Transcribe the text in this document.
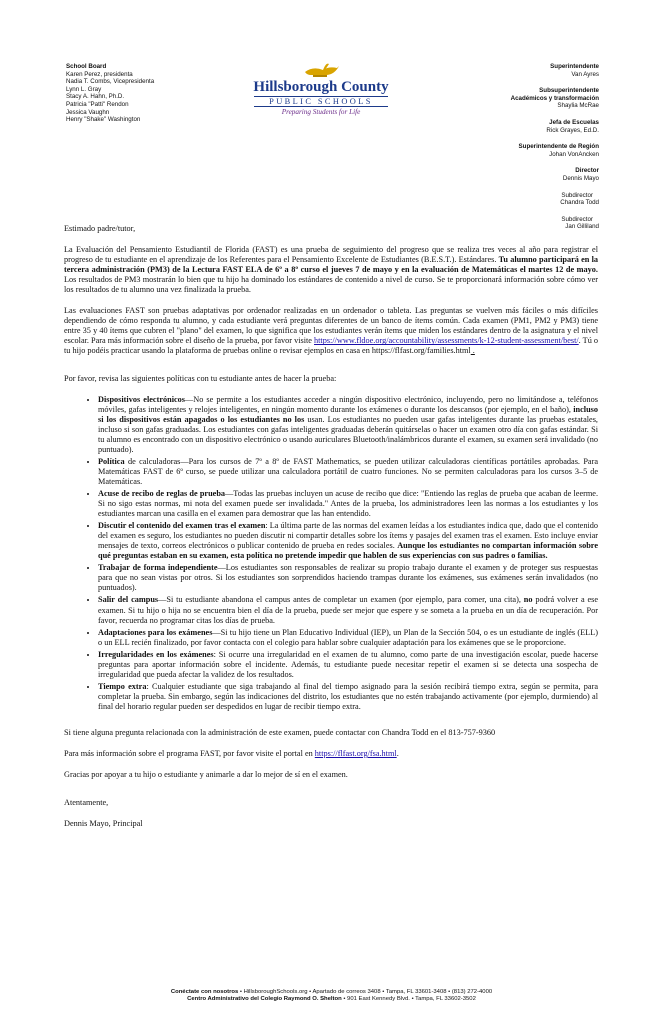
School Board
Karen Perez, presidenta
Nadia T. Combs, Vicepresidenta
Lynn L. Gray
Stacy A. Hahn, Ph.D.
Patricia "Patti" Rendon
Jessica Vaughn
Henry "Shake" Washington
Hillsborough County
PUBLIC SCHOOLS
Preparing Students for Life
Superintendente
Van Ayres
Subsuperintendente
Académicos y transformación
Shaylia McRae
Jefa de Escuelas
Rick Grayes, Ed.D.
Superintendente de Región
Johan VonAncken
Director
Dennis Mayo
Subdirector
Chandra Todd
Subdirector
Jan Gilliland

Estimado padre/tutor,

La Evaluación del Pensamiento Estudiantil de Florida (FAST) es una prueba de seguimiento del progreso que se realiza tres veces al año para registrar el progreso de tu estudiante en el aprendizaje de los Referentes para el Pensamiento Excelente de Estudiantes (B.E.S.T.). Estándares. Tu alumno participará en la tercera administración (PM3) de la Lectura FAST ELA de 6º a 8º curso el jueves 7 de mayo y en la evaluación de Matemáticas el martes 12 de mayo. Los resultados de PM3 mostrarán lo bien que tu hijo ha dominado los estándares de contenido a nivel de curso. Se te proporcionará información sobre cómo ver los resultados de tu alumno una vez finalizada la prueba.

Las evaluaciones FAST son pruebas adaptativas por ordenador realizadas en un ordenador o tableta. Las preguntas se vuelven más fáciles o más difíciles dependiendo de cómo responda tu alumno, y cada estudiante verá preguntas diferentes de un banco de ítems común. Cada examen (PM1, PM2 y PM3) tiene entre 35 y 40 ítems que cubren el "plano" del examen, lo que significa que los estudiantes verán ítems que miden los estándares dentro de la asignatura y el nivel escolar. Para más información sobre el diseño de la prueba, por favor visite https://www.fldoe.org/accountability/assessments/k-12-student-assessment/best/. Tú o tu hijo podéis practicar usando la plataforma de pruebas online o revisar ejemplos en casa en https://flfast.org/families.html .

Por favor, revisa las siguientes políticas con tu estudiante antes de hacer la prueba:

• Dispositivos electrónicos—No se permite a los estudiantes acceder a ningún dispositivo electrónico, incluyendo, pero no limitándose a, teléfonos móviles, gafas inteligentes y relojes inteligentes, en ningún momento durante los exámenes o durante los descansos (por ejemplo, en el baño), incluso si los dispositivos están apagados o los estudiantes no los usan. Los estudiantes no pueden usar gafas inteligentes durante las pruebas estatales, incluso si son gafas graduadas. Los estudiantes con gafas inteligentes graduadas deberán quitárselas o hacer un examen otro día con gafas estándar. Si tu alumno es encontrado con un dispositivo electrónico o usando auriculares Bluetooth/inalámbricos durante el examen, su examen será invalidado (no puntuado).
• Política de calculadoras—Para los cursos de 7º a 8º de FAST Mathematics, se pueden utilizar calculadoras científicas portátiles aprobadas. Para Matemáticas FAST de 6º curso, se puede utilizar una calculadora portátil de cuatro funciones. No se permiten calculadoras para los cursos 3–5 de Matemáticas.
• Acuse de recibo de reglas de prueba—Todas las pruebas incluyen un acuse de recibo que dice: "Entiendo las reglas de prueba que acaban de leerme. Si no sigo estas normas, mi nota del examen puede ser invalidada." Antes de la prueba, los administradores leen las normas a los estudiantes y los estudiantes marcan una casilla en el examen para demostrar que las han entendido.
• Discutir el contenido del examen tras el examen: La última parte de las normas del examen leídas a los estudiantes indica que, dado que el contenido del examen es seguro, los estudiantes no pueden discutir ni compartir detalles sobre los ítems y pasajes del examen tras el examen. Esto incluye enviar mensajes de texto, correos electrónicos o publicar contenido de prueba en redes sociales. Aunque los estudiantes no compartan información sobre qué preguntas estaban en su examen, esta política no pretende impedir que hablen de sus experiencias con sus padres o familias.
• Trabajar de forma independiente—Los estudiantes son responsables de realizar su propio trabajo durante el examen y de proteger sus respuestas para que no sean vistas por otros. Si los estudiantes son sorprendidos haciendo trampas durante los exámenes, sus exámenes serán invalidados (no puntuados).
• Salir del campus—Si tu estudiante abandona el campus antes de completar un examen (por ejemplo, para comer, una cita), no podrá volver a ese examen. Si tu hijo o hija no se encuentra bien el día de la prueba, puede ser mejor que espere y se someta a la prueba en un día de recuperación. Por favor, recuerda no programar citas los días de prueba.
• Adaptaciones para los exámenes—Si tu hijo tiene un Plan Educativo Individual (IEP), un Plan de la Sección 504, o es un estudiante de inglés (ELL) o un ELL recién finalizado, por favor contacta con el colegio para hablar sobre cualquier adaptación para los exámenes que se le proporcione.
• Irregularidades en los exámenes: Si ocurre una irregularidad en el examen de tu alumno, como parte de una investigación escolar, puede hacerse preguntas para aportar información sobre el incidente. Además, tu estudiante puede necesitar repetir el examen si se detecta una sospecha de irregularidad que pueda afectar la validez de los resultados.
• Tiempo extra: Cualquier estudiante que siga trabajando al final del tiempo asignado para la sesión recibirá tiempo extra, según se permita, para completar la prueba. Sin embargo, según las indicaciones del distrito, los estudiantes que no estén trabajando activamente (por ejemplo, durmiendo) al final del horario regular pueden ser despedidos en lugar de recibir tiempo extra.

Si tiene alguna pregunta relacionada con la administración de este examen, puede contactar con Chandra Todd en el 813-757-9360

Para más información sobre el programa FAST, por favor visite el portal en https://flfast.org/fsa.html.

Gracias por apoyar a tu hijo o estudiante y animarle a dar lo mejor de sí en el examen.

Atentamente,

Dennis Mayo, Principal

Conéctate con nosotros • HillsboroughSchools.org • Apartado de correos 3408 • Tampa, FL 33601-3408 • (813) 272-4000
Centro Administrativo del Colegio Raymond O. Shelton • 901 East Kennedy Blvd. • Tampa, FL 33602-3502
